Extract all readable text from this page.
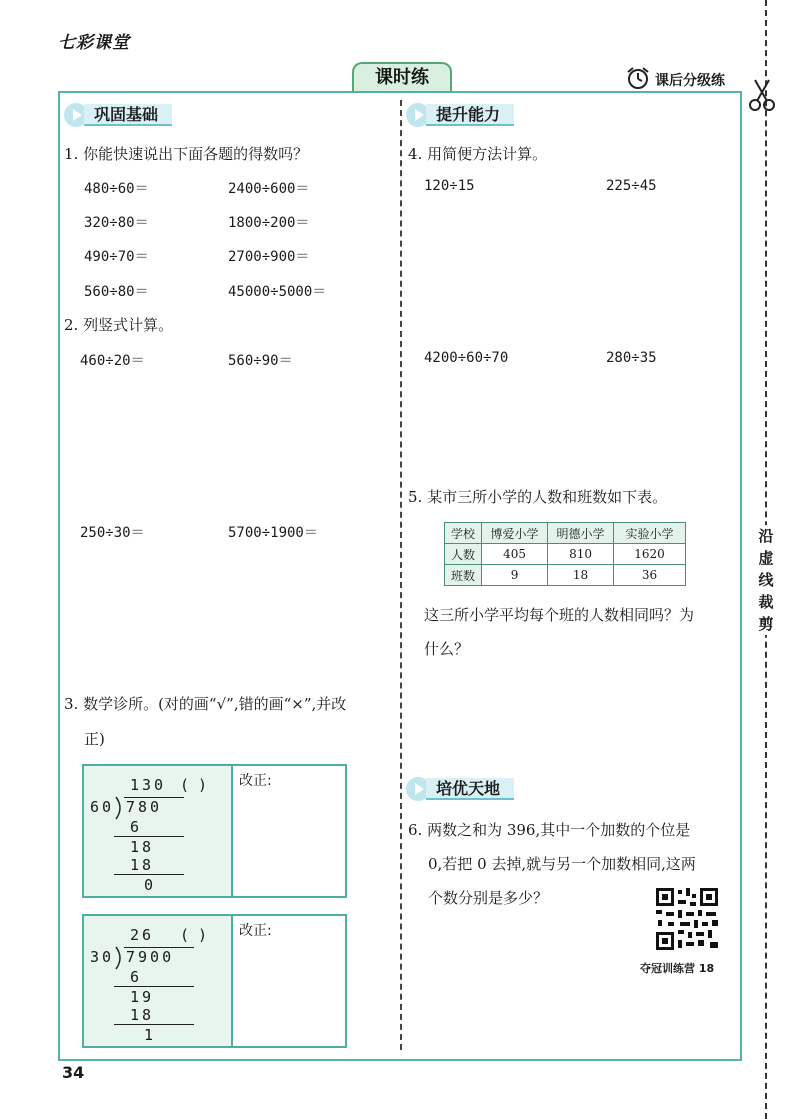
七彩课堂
课时练	课后分级练
沿
虚
线
裁
剪
巩固基础
1. 你能快速说出下面各题的得数吗？
480÷60＝	2400÷600＝
320÷80＝	1800÷200＝
490÷70＝	2700÷900＝
560÷80＝	45000÷5000＝
2. 列竖式计算。
460÷20＝	560÷90＝
250÷30＝	5700÷1900＝
3. 数学诊所。(对的画“√”,错的画“×”,并改
正)
130 ( )
60 780
6
18
18
0
改正:
26 ( )
30 7900
6
19
18
1
改正:
提升能力
4. 用简便方法计算。
120÷15	225÷45
4200÷60÷70	280÷35
5. 某市三所小学的人数和班数如下表。
学校	博爱小学	明德小学	实验小学
人数	405	810	1620
班数	9	18	36
这三所小学平均每个班的人数相同吗？为
什么？
培优天地
6. 两数之和为 396,其中一个加数的个位是
0,若把 0 去掉,就与另一个加数相同,这两
个数分别是多少？
夺冠训练营 18
34
